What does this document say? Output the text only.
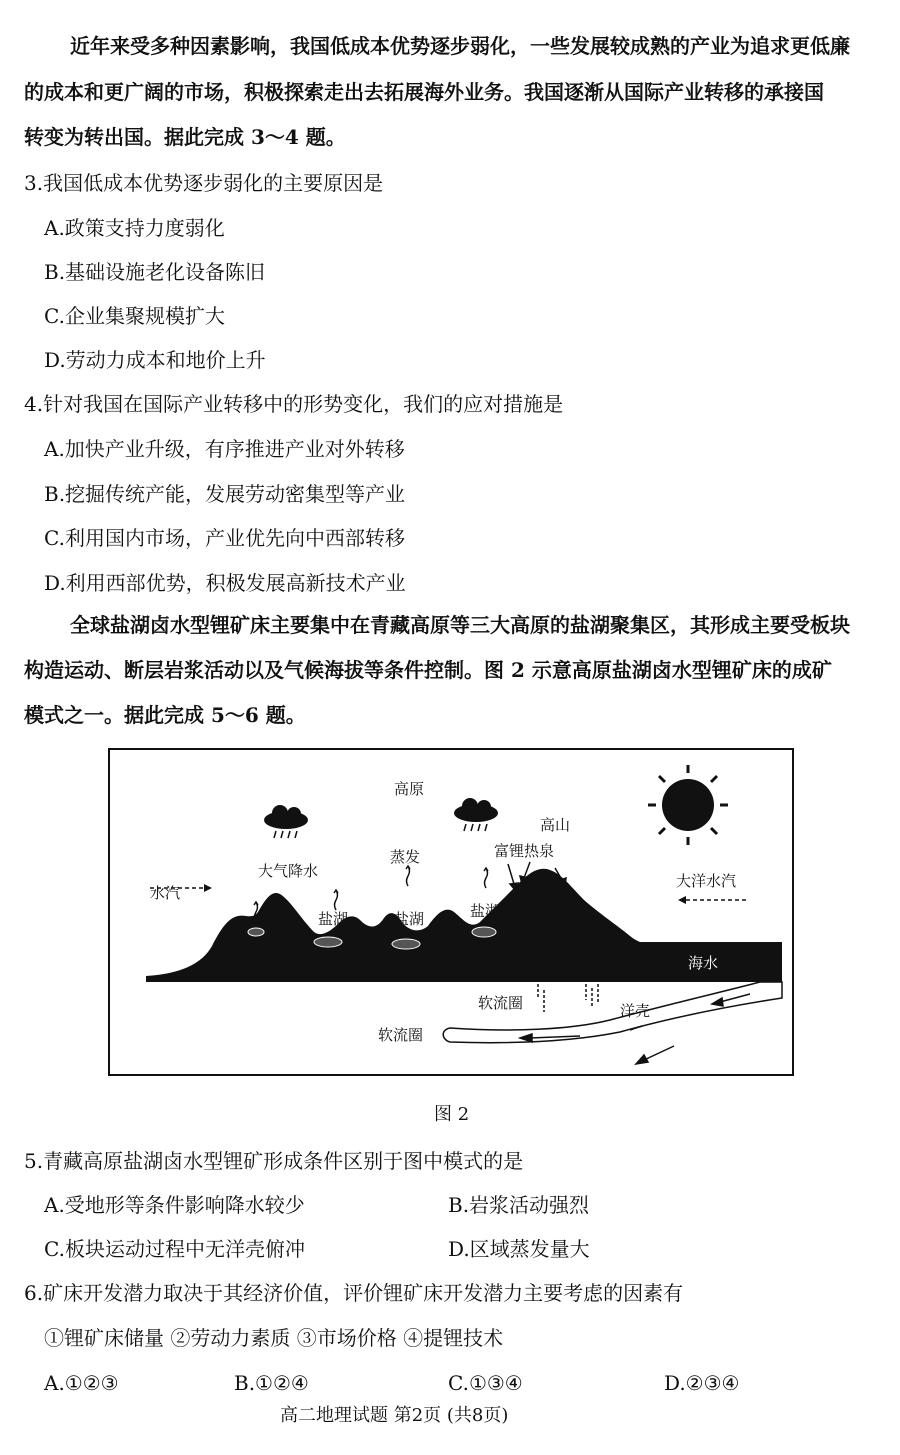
近年来受多种因素影响，我国低成本优势逐步弱化，一些发展较成熟的产业为追求更低廉
的成本和更广阔的市场，积极探索走出去拓展海外业务。我国逐渐从国际产业转移的承接国
转变为转出国。据此完成 3～4 题。
3.我国低成本优势逐步弱化的主要原因是
A.政策支持力度弱化
B.基础设施老化设备陈旧
C.企业集聚规模扩大
D.劳动力成本和地价上升
4.针对我国在国际产业转移中的形势变化，我们的应对措施是
A.加快产业升级，有序推进产业对外转移
B.挖掘传统产能，发展劳动密集型等产业
C.利用国内市场，产业优先向中西部转移
D.利用西部优势，积极发展高新技术产业
全球盐湖卤水型锂矿床主要集中在青藏高原等三大高原的盐湖聚集区，其形成主要受板块
构造运动、断层岩浆活动以及气候海拔等条件控制。图 2 示意高原盐湖卤水型锂矿床的成矿
模式之一。据此完成 5～6 题。
高原
高山
水汽
大气降水
蒸发	富锂热泉
大洋水汽
盐湖	盐湖	盐湖
海水
软流圈	洋壳
软流圈
图 2
5.青藏高原盐湖卤水型锂矿形成条件区别于图中模式的是
A.受地形等条件影响降水较少	B.岩浆活动强烈
C.板块运动过程中无洋壳俯冲	D.区域蒸发量大
6.矿床开发潜力取决于其经济价值，评价锂矿床开发潜力主要考虑的因素有
①锂矿床储量 ②劳动力素质 ③市场价格 ④提锂技术
A.①②③	B.①②④	C.①③④	D.②③④
高二地理试题 第2页 (共8页)
